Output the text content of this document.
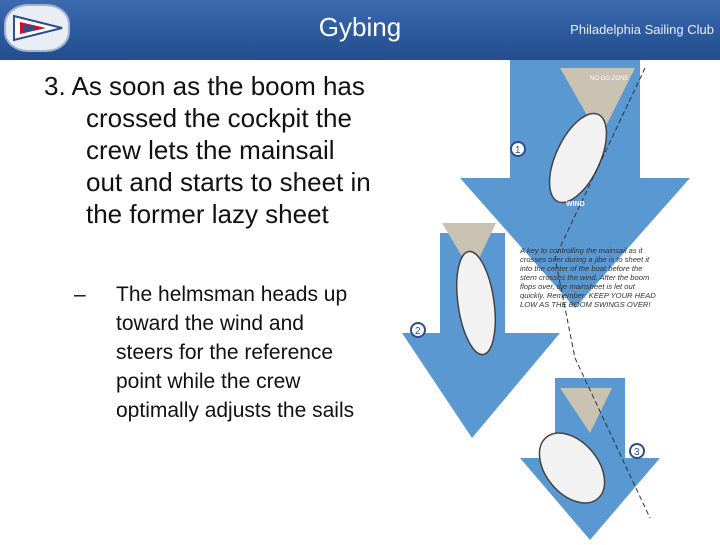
Gybing	Philadelphia Sailing Club
3. As soon as the boom has crossed the cockpit the crew lets the mainsail out and starts to sheet in the former lazy sheet
–	The helmsman heads up toward the wind and steers for the reference point while the crew optimally adjusts the sails
NO GO ZONE
WIND
1
2
3
A key to controlling the mainsail as it crosses over during a jibe is to sheet it into the center of the boat before the stern crosses the wind. After the boom flops over, the mainsheet is let out quickly. Remember: KEEP YOUR HEAD LOW AS THE BOOM SWINGS OVER!
